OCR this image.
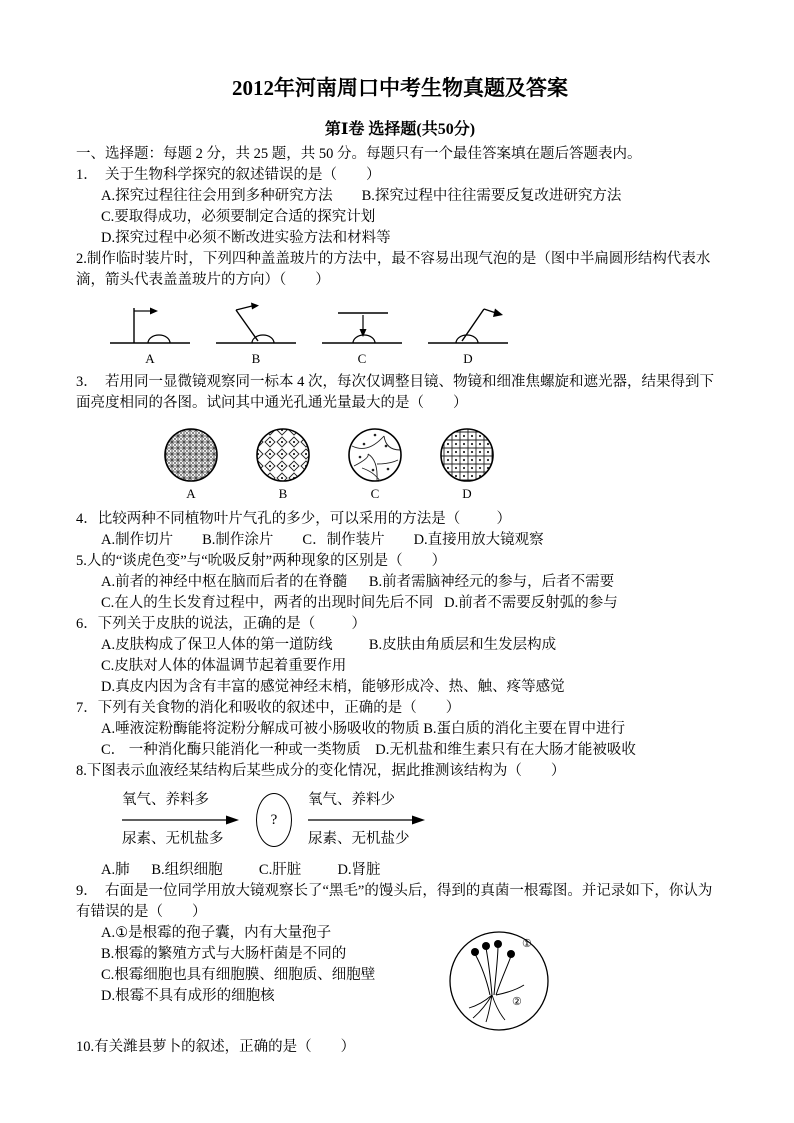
2012年河南周口中考生物真题及答案
第Ⅰ卷 选择题(共50分)

一、选择题：每题 2 分，共 25 题，共 50 分。每题只有一个最佳答案填在题后答题表内。

1．  关于生物科学探究的叙述错误的是（        ）

A.探究过程往往会用到多种研究方法        B.探究过程中往往需要反复改进研究方法

C.要取得成功，必须要制定合适的探究计划

D.探究过程中必须不断改进实验方法和材料等

2.制作临时装片时，下列四种盖盖玻片的方法中，最不容易出现气泡的是（图中半扁圆形结构代表水滴，箭头代表盖盖玻片的方向）（        ）

A	B	C	D

3．  若用同一显微镜观察同一标本 4 次，每次仅调整目镜、物镜和细准焦螺旋和遮光器，结果得到下面亮度相同的各图。试问其中通光孔通光量最大的是（        ）

A	B	C	D

4．比较两种不同植物叶片气孔的多少，可以采用的方法是（          ）

A.制作切片        B.制作涂片        C．制作装片        D.直接用放大镜观察

5.人的“谈虎色变”与“吮吸反射”两种现象的区别是（        ）

A.前者的神经中枢在脑而后者的在脊髓      B.前者需脑神经元的参与，后者不需要

C.在人的生长发育过程中，两者的出现时间先后不同   D.前者不需要反射弧的参与

6．下列关于皮肤的说法，正确的是（          ）

A.皮肤构成了保卫人体的第一道防线          B.皮肤由角质层和生发层构成

C.皮肤对人体的体温调节起着重要作用

D.真皮内因为含有丰富的感觉神经末梢，能够形成冷、热、触、疼等感觉

7．下列有关食物的消化和吸收的叙述中，正确的是（        ）

A.唾液淀粉酶能将淀粉分解成可被小肠吸收的物质 B.蛋白质的消化主要在胃中进行

C． 一种消化酶只能消化一种或一类物质　D.无机盐和维生素只有在大肠才能被吸收

8.下图表示血液经某结构后某些成分的变化情况，据此推测该结构为（        ）

氧气、养料多
尿素、无机盐多
?
氧气、养料少
尿素、无机盐少

A.肺      B.组织细胞          C.肝脏          D.肾脏

9．  右面是一位同学用放大镜观察长了“黑毛”的馒头后，得到的真菌一根霉图。并记录如下，你认为有错误的是（　　）

A.①是根霉的孢子囊，内有大量孢子

B.根霉的繁殖方式与大肠杆菌是不同的

C.根霉细胞也具有细胞膜、细胞质、细胞壁

D.根霉不具有成形的细胞核

①
②

10.有关潍县萝卜的叙述，正确的是（        ）
